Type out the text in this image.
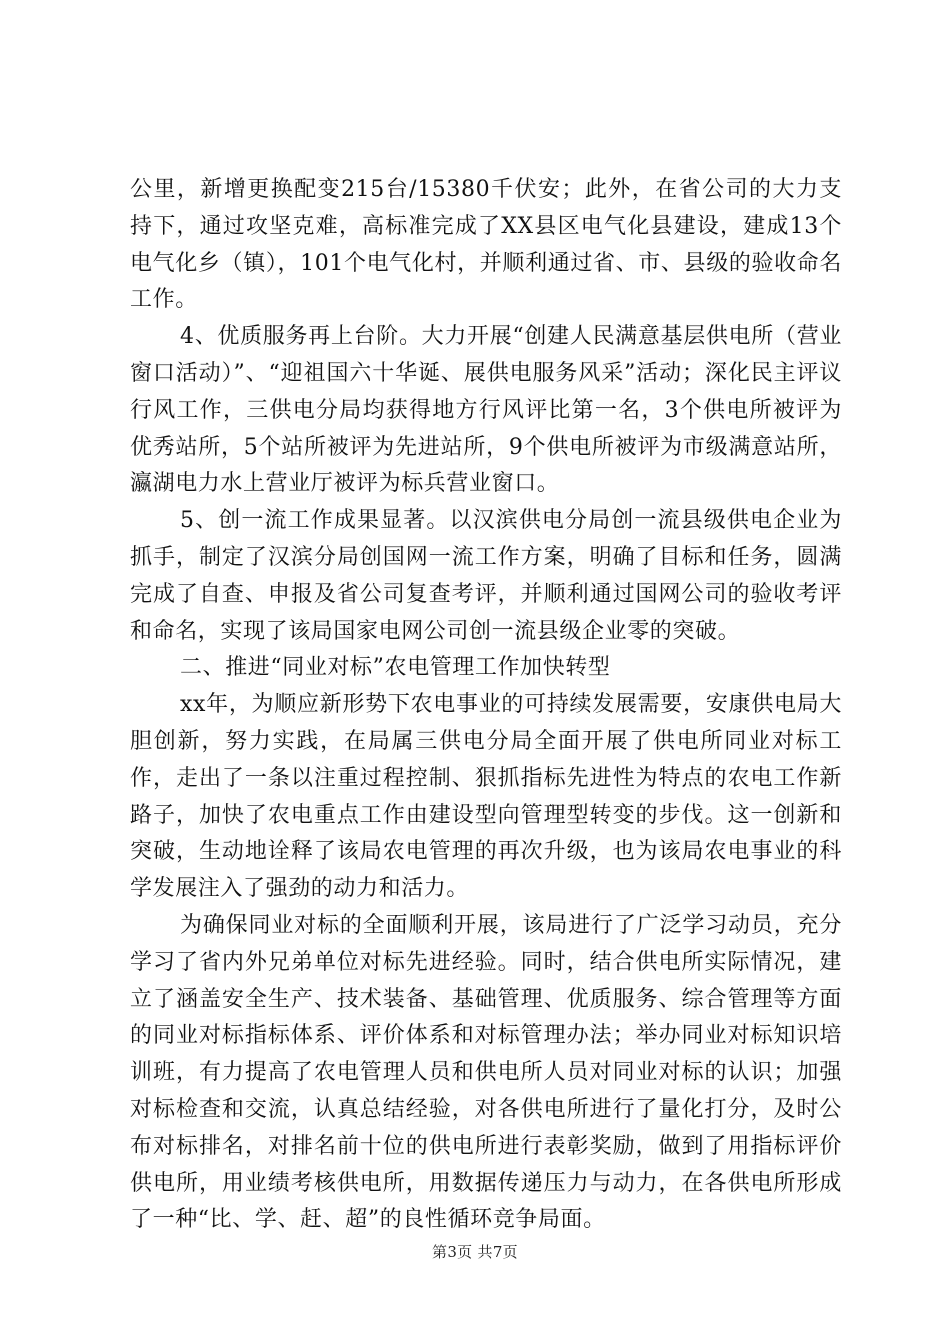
公里，新增更换配变215台/15380千伏安；此外，在省公司的大力支持下，通过攻坚克难，高标准完成了XX县区电气化县建设，建成13个电气化乡（镇），101个电气化村，并顺利通过省、市、县级的验收命名工作。

4、优质服务再上台阶。大力开展“创建人民满意基层供电所（营业窗口活动）”、“迎祖国六十华诞、展供电服务风采”活动；深化民主评议行风工作，三供电分局均获得地方行风评比第一名，3个供电所被评为优秀站所，5个站所被评为先进站所，9个供电所被评为市级满意站所，瀛湖电力水上营业厅被评为标兵营业窗口。

5、创一流工作成果显著。以汉滨供电分局创一流县级供电企业为抓手，制定了汉滨分局创国网一流工作方案，明确了目标和任务，圆满完成了自查、申报及省公司复查考评，并顺利通过国网公司的验收考评和命名，实现了该局国家电网公司创一流县级企业零的突破。

二、推进“同业对标”农电管理工作加快转型

xx年，为顺应新形势下农电事业的可持续发展需要，安康供电局大胆创新，努力实践，在局属三供电分局全面开展了供电所同业对标工作，走出了一条以注重过程控制、狠抓指标先进性为特点的农电工作新路子，加快了农电重点工作由建设型向管理型转变的步伐。这一创新和突破，生动地诠释了该局农电管理的再次升级，也为该局农电事业的科学发展注入了强劲的动力和活力。

为确保同业对标的全面顺利开展，该局进行了广泛学习动员，充分学习了省内外兄弟单位对标先进经验。同时，结合供电所实际情况，建立了涵盖安全生产、技术装备、基础管理、优质服务、综合管理等方面的同业对标指标体系、评价体系和对标管理办法；举办同业对标知识培训班，有力提高了农电管理人员和供电所人员对同业对标的认识；加强对标检查和交流，认真总结经验，对各供电所进行了量化打分，及时公布对标排名，对排名前十位的供电所进行表彰奖励，做到了用指标评价供电所，用业绩考核供电所，用数据传递压力与动力，在各供电所形成了一种“比、学、赶、超”的良性循环竞争局面。

第3页 共7页
